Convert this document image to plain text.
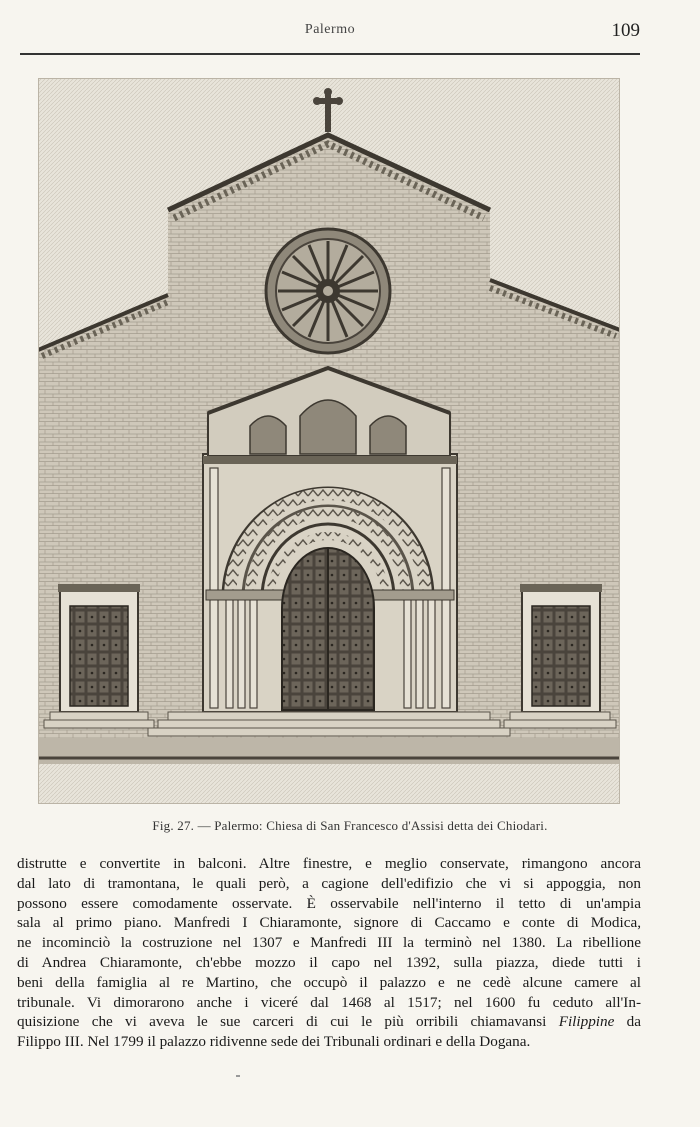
Palermo	109
Fig. 27. — Palermo: Chiesa di San Francesco d'Assisi detta dei Chiodari.
distrutte e convertite in balconi. Altre finestre, e meglio conservate, rimangono ancora
dal lato di tramontana, le quali però, a cagione dell'edifizio che vi si appoggia, non
possono essere comodamente osservate. È osservabile nell'interno il tetto di un'ampia
sala al primo piano. Manfredi I Chiaramonte, signore di Caccamo e conte di Modica,
ne incominciò la costruzione nel 1307 e Manfredi III la terminò nel 1380. La ribellione
di Andrea Chiaramonte, ch'ebbe mozzo il capo nel 1392, sulla piazza, diede tutti i
beni della famiglia al re Martino, che occupò il palazzo e ne cedè alcune camere al
tribunale. Vi dimorarono anche i viceré dal 1468 al 1517; nel 1600 fu ceduto all'In-
quisizione che vi aveva le sue carceri di cui le più orribili chiamavansi Filippine da
Filippo III. Nel 1799 il palazzo ridivenne sede dei Tribunali ordinari e della Dogana.
